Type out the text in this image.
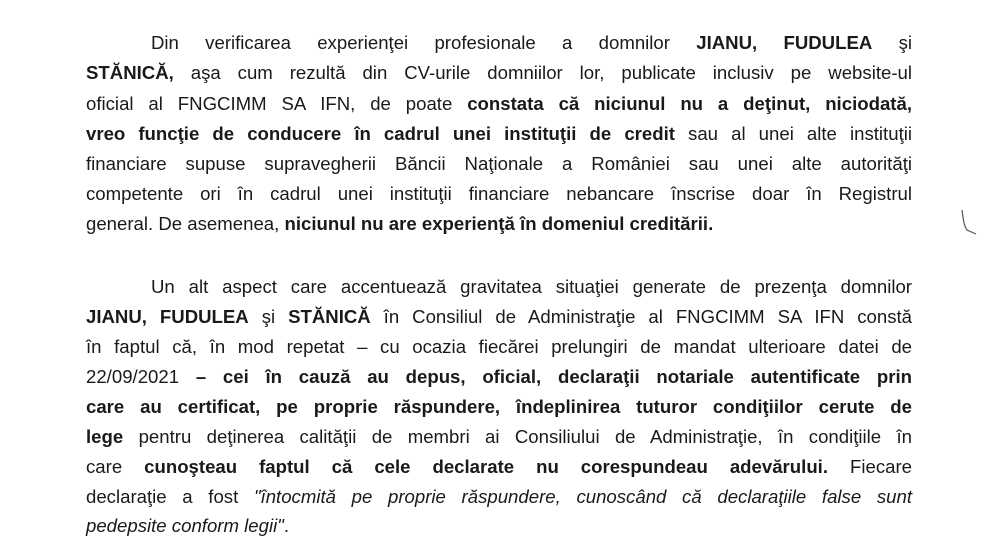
Din verificarea experienţei profesionale a domnilor JIANU, FUDULEA şi
STĂNICĂ, aşa cum rezultă din CV-urile domniilor lor, publicate inclusiv pe website-ul
oficial al FNGCIMM SA IFN, de poate constata că niciunul nu a deţinut, niciodată,
vreo funcţie de conducere în cadrul unei instituţii de credit sau al unei alte instituţii
financiare supuse supravegherii Băncii Naţionale a României sau unei alte autorităţi
competente ori în cadrul unei instituţii financiare nebancare înscrise doar în Registrul
general. De asemenea, niciunul nu are experienţă în domeniul creditării.
Un alt aspect care accentuează gravitatea situaţiei generate de prezenţa domnilor
JIANU, FUDULEA şi STĂNICĂ în Consiliul de Administraţie al FNGCIMM SA IFN constă
în faptul că, în mod repetat – cu ocazia fiecărei prelungiri de mandat ulterioare datei de
22/09/2021 – cei în cauză au depus, oficial, declaraţii notariale autentificate prin
care au certificat, pe proprie răspundere, îndeplinirea tuturor condiţiilor cerute de
lege pentru deţinerea calităţii de membri ai Consiliului de Administraţie, în condiţiile în
care cunoşteau faptul că cele declarate nu corespundeau adevărului. Fiecare
declaraţie a fost "întocmită pe proprie răspundere, cunoscând că declaraţiile false sunt
pedepsite conform legii".
